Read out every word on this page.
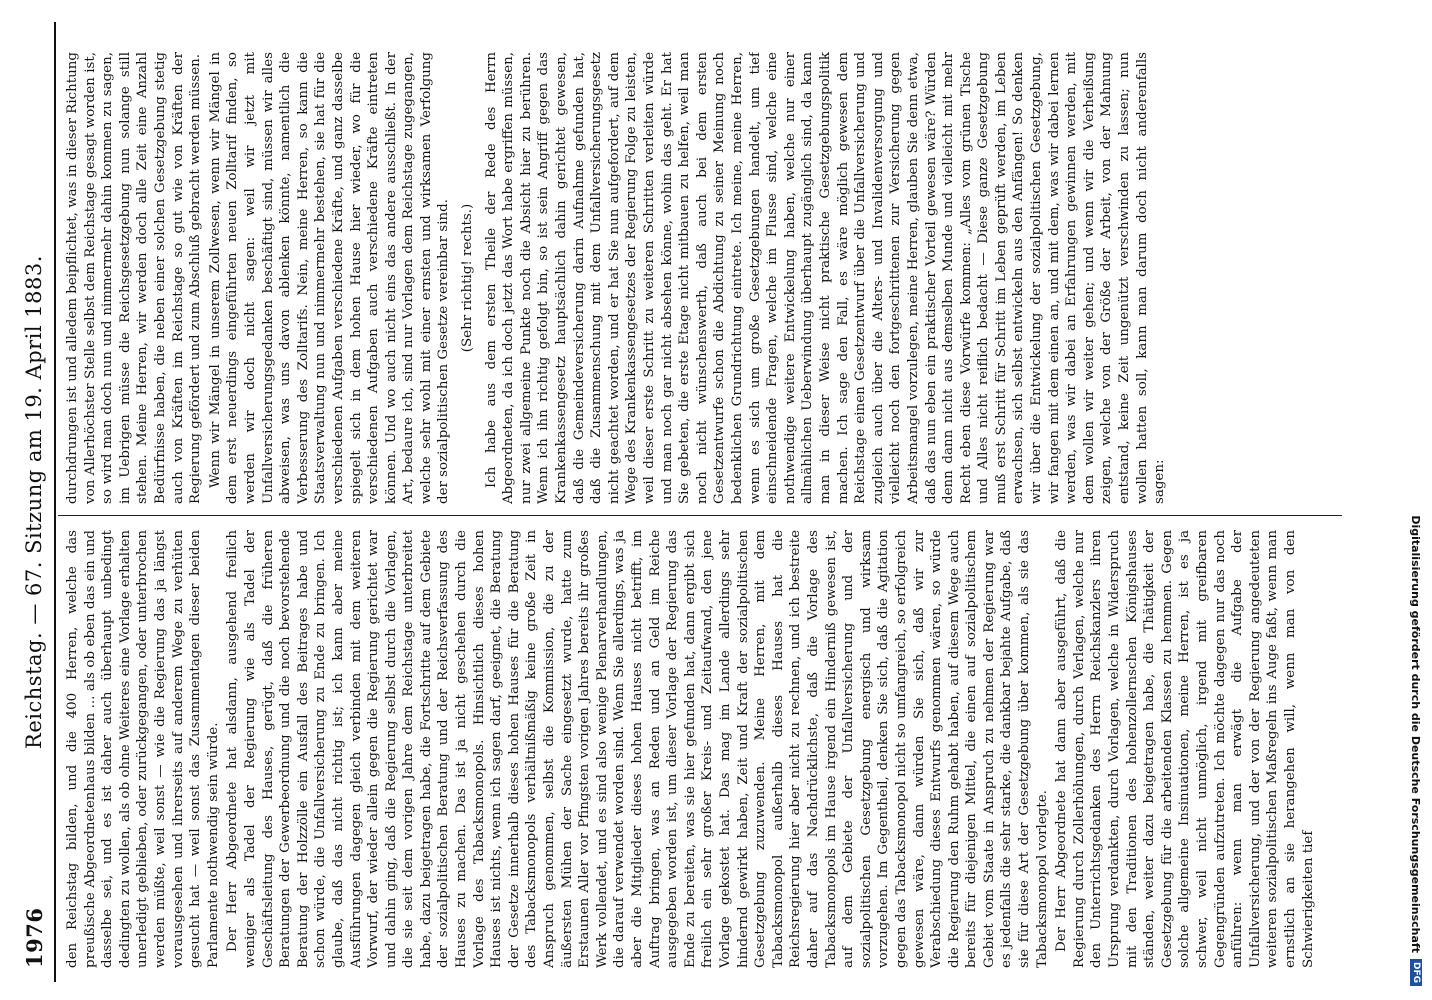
1976
Reichstag. — 67. Sitzung am 19. April 1883.

den Reichstag bilden, und die 400 Herren, welche das preußische Abgeordnetenhaus bilden ... als ob eben das ein und dasselbe sei, und es ist daher auch überhaupt unbedingt dedingten zu wollen, als ob ohne Weiteres eine Vorlage erhalten unerledigt geblieben, oder zurückgegangen, oder unterbrochen werden müßte, weil sonst — wie die Regierung das ja längst vorausgesehen und ihrerseits auf anderem Wege zu verhüten gesucht hat — weil sonst das Zusammentagen dieser beiden Parlamente nothwendig sein würde. Der Herr Abgeordnete hat alsdann, ausgehend freilich weniger als Tadel der Regierung wie als Tadel der Geschäftsleitung des Hauses, gerügt, daß die früheren Beratungen der Gewerbeordnung und die noch bevorstehende Beratung der Holzzölle ein Ausfall des Beitrages habe und schon würde, die Unfallversicherung zu Ende zu bringen. Ich glaube, daß das nicht richtig ist; ich kann aber meine Ausführungen dagegen gleich verbinden mit dem weiteren Vorwurf, der wieder allein gegen die Regierung gerichtet war und dahin ging, daß die Regierung selbst durch die Vorlagen, die sie seit dem vorigen Jahre dem Reichstage unterbreitet habe, dazu beigetragen habe, die Fortschritte auf dem Gebiete der sozialpolitischen Beratung und der Reichsverfassung des Hauses zu machen. Das ist ja nicht geschehen durch die Vorlage des Tabacksmonopols. Hinsichtlich dieses hohen Hauses ist nichts, wenn ich sagen darf, geeignet, die Beratung der Gesetze innerhalb dieses hohen Hauses für die Beratung des Tabacksmonopols verhältnißmäßig keine große Zeit in Anspruch genommen, selbst die Kommission, die zu der äußersten Mühen der Sache eingesetzt wurde, hatte zum Erstaunen Aller vor Pfingsten vorigen Jahres bereits ihr großes Werk vollendet, und es sind also wenige Plenarverhandlungen, die darauf verwendet worden sind. Wenn Sie allerdings, was ja aber die Mitglieder dieses hohen Hauses nicht betrifft, im Auftrag bringen, was an Reden und an Geld im Reiche ausgegeben worden ist, um dieser Vorlage der Regierung das Ende zu bereiten, was sie hier gefunden hat, dann ergibt sich freilich ein sehr großer Kreis- und Zeitaufwand, den jene Vorlage gekostet hat. Das mag im Lande allerdings sehr hindernd gewirkt haben, Zeit und Kraft der sozialpolitischen Gesetzgebung zuzuwenden. Meine Herren, mit dem Tabacksmonopol außerhalb dieses Hauses hat die Reichsregierung hier aber nicht zu rechnen, und ich bestreite daher auf das Nachdrücklichste, daß die Vorlage des Tabacksmonopols im Hause irgend ein Hinderniß gewesen ist, auf dem Gebiete der Unfallversicherung und der sozialpolitischen Gesetzgebung energisch und wirksam vorzugehen. Im Gegentheil, denken Sie sich, daß die Agitation gegen das Tabacksmonopol nicht so umfangreich, so erfolgreich gewesen wäre, dann würden Sie sich, daß wir zur Verabschiedung dieses Entwurfs genommen wären, so würde die Regierung den Ruhm gehabt haben, auf diesem Wege auch bereits für diejenigen Mittel, die einen auf sozialpolitischem Gebiet vom Staate in Anspruch zu nehmen der Regierung war es jedenfalls die sehr starke, die dankbar bejahte Aufgabe, daß sie für diese Art der Gesetzgebung über kommen, als sie das Tabacksmonopol vorlegte. Der Herr Abgeordnete hat dann aber ausgeführt, daß die Regierung durch Zollerhöhungen, durch Verlagen, welche nur den Unterrichtsgedanken des Herrn Reichskanzlers ihren Ursprung verdankten, durch Vorlagen, welche in Widerspruch mit den Traditionen des hohenzollernschen Königshauses ständen, weiter dazu beigetragen habe, die Thätigkeit der Gesetzgebung für die arbeitenden Klassen zu hemmen. Gegen solche allgemeine Insinuationen, meine Herren, ist es ja schwer, weil nicht unmöglich, irgend mit greifbaren Gegengründen aufzutreten. Ich möchte dagegen nur das noch anführen: wenn man erwägt die Aufgabe der Unfallversicherung, und der von der Regierung angedeuteten weiteren sozialpolitischen Maßregeln ins Auge faßt, wenn man ernstlich an sie herangehen will, wenn man von den Schwierigkeiten tief

durchdrungen ist und alledem beipflichtet, was in dieser Richtung von Allerhöchster Stelle selbst dem Reichstage gesagt worden ist, so wird man doch nun und nimmermehr dahin kommen zu sagen, im Uebrigen müsse die Reichsgesetzgebung nun solange still stehen. Meine Herren, wir werden doch alle Zeit eine Anzahl Bedürfnisse haben, die neben einer solchen Gesetzgebung stetig auch von Kräften im Reichstage so gut wie von Kräften der Regierung gefördert und zum Abschluß gebracht werden müssen. Wenn wir Mängel in unserem Zollwesen, wenn wir Mängel in dem erst neuerdings eingeführten neuen Zolltarif finden, so werden wir doch nicht sagen: weil wir jetzt mit Unfallversicherungsgedanken beschäftigt sind, müssen wir alles abweisen, was uns davon ablenken könnte, namentlich die Verbesserung des Zolltarifs. Nein, meine Herren, so kann die Staatsverwaltung nun und nimmermehr bestehen, sie hat für die verschiedenen Aufgaben verschiedene Kräfte, und ganz dasselbe spiegelt sich in dem hohen Hause hier wieder, wo für die verschiedenen Aufgaben auch verschiedene Kräfte eintreten können. Und wo auch nicht eins das andere ausschließt. In der Art, bedaure ich, sind nur Vorlagen dem Reichstage zugegangen, welche sehr wohl mit einer ernsten und wirksamen Verfolgung der sozialpolitischen Gesetze vereinbar sind. (Sehr richtig! rechts.) Ich habe aus dem ersten Theile der Rede des Herrn Abgeordneten, da ich doch jetzt das Wort habe ergriffen müssen, nur zwei allgemeine Punkte noch die Absicht hier zu berühren. Wenn ich ihn richtig gefolgt bin, so ist sein Angriff gegen das Krankenkassengesetz hauptsächlich dahin gerichtet gewesen, daß die Gemeindeversicherung darin Aufnahme gefunden hat, daß die Zusammenschung mit dem Unfallversicherungsgesetz nicht geachtet worden, und er hat Sie nun aufgefordert, auf dem Wege des Krankenkassengesetzes der Regierung Folge zu leisten, weil dieser erste Schritt zu weiteren Schritten verleiten würde und man noch gar nicht absehen könne, wohin das geht. Er hat Sie gebeten, die erste Etage nicht mitbauen zu helfen, weil man noch nicht wünschenswerth, daß auch bei dem ersten Gesetzentwurfe schon die Abdichtung zu seiner Meinung noch bedenklichen Grundrichtung eintrete. Ich meine, meine Herren, wenn es sich um große Gesetzgebungen handelt, um tief einschneidende Fragen, welche im Flusse sind, welche eine nothwendige weitere Entwickelung haben, welche nur einer allmählichen Ueberwindung überhaupt zugänglich sind, da kann man in dieser Weise nicht praktische Gesetzgebungspolitik machen. Ich sage den Fall, es wäre möglich gewesen dem Reichstage einen Gesetzentwurf über die Unfallversicherung und zugleich auch über die Alters- und Invalidenversorgung und vielleicht noch den fortgeschrittenen zur Versicherung gegen Arbeitsmangel vorzulegen, meine Herren, glauben Sie denn etwa, daß das nun eben ein praktischer Vorteil gewesen wäre? Würden denn dann nicht aus demselben Munde und vielleicht mit mehr Recht eben diese Vorwürfe kommen: „Alles vom grünen Tische und Alles nicht reiflich bedacht — Diese ganze Gesetzgebung muß erst Schritt für Schritt im Leben geprüft werden, im Leben erwachsen, sich selbst entwickeln aus den Anfängen! So denken wir über die Entwickelung der sozialpolitischen Gesetzgebung, wir fangen mit dem einen an, und mit dem, was wir dabei lernen werden, was wir dabei an Erfahrungen gewinnen werden, mit dem wollen wir weiter gehen; und wenn wir die Verheißung zeigen, welche von der Größe der Arbeit, von der Mahnung entstand, keine Zeit ungenützt verschwinden zu lassen; nun wollen hatten soll, kann man darum doch nicht anderenfalls sagen:

Digitalisierung gefördert durch die Deutsche Forschungsgemeinschaft
DFG
